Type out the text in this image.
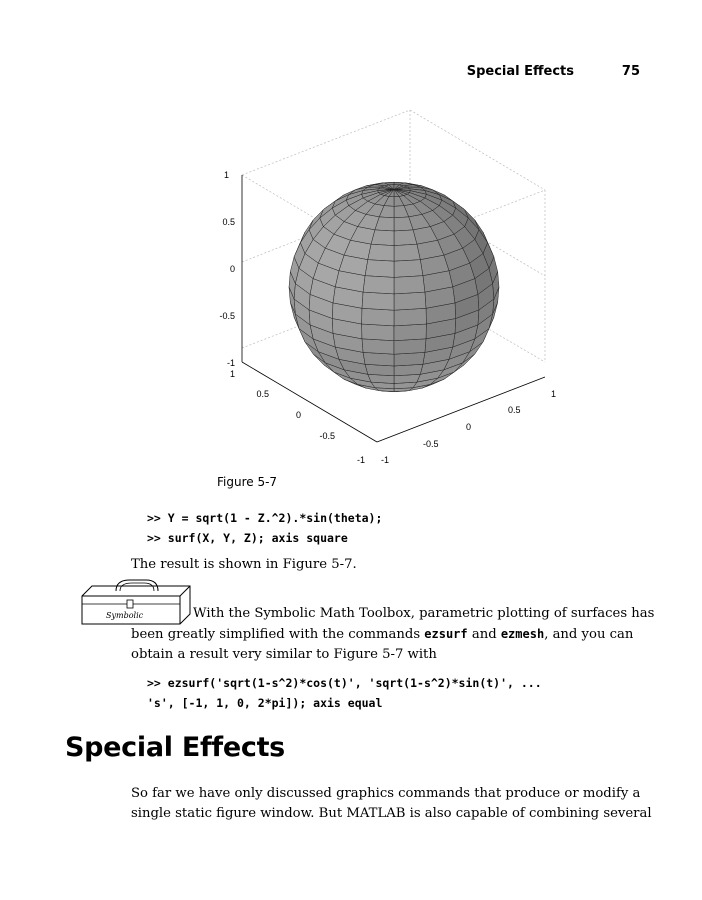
Special Effects	75
1
0.5
0
-0.5
-1
1
0.5
0
-0.5
-1 -1
-0.5
0
0.5
1
Figure 5-7
>> Y = sqrt(1 - Z.^2).*sin(theta);
>> surf(X, Y, Z); axis square
The result is shown in Figure 5-7.
Symbolic	With the Symbolic Math Toolbox, parametric plotting of surfaces has
been greatly simplified with the commands ezsurf and ezmesh, and you can
obtain a result very similar to Figure 5-7 with
>> ezsurf('sqrt(1-s^2)*cos(t)', 'sqrt(1-s^2)*sin(t)', ...
's', [-1, 1, 0, 2*pi]); axis equal
Special Effects
So far we have only discussed graphics commands that produce or modify a
single static figure window. But MATLAB is also capable of combining several
